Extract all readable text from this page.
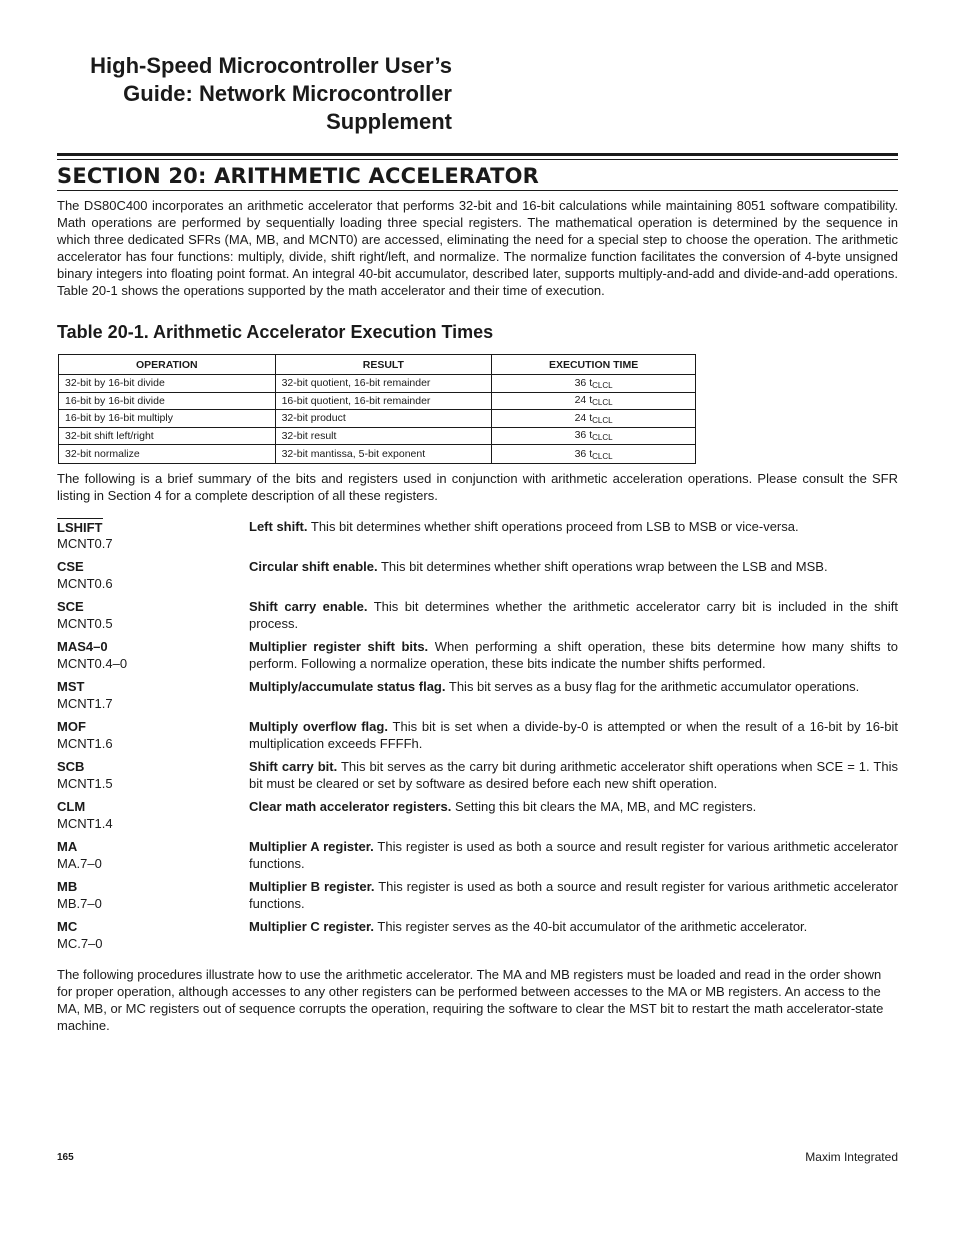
High-Speed Microcontroller User’s
Guide: Network Microcontroller
Supplement
SECTION 20: ARITHMETIC ACCELERATOR

The DS80C400 incorporates an arithmetic accelerator that performs 32-bit and 16-bit calculations while maintaining 8051 software compatibility. Math operations are performed by sequentially loading three special registers. The mathematical operation is determined by the sequence in which three dedicated SFRs (MA, MB, and MCNT0) are accessed, eliminating the need for a special step to choose the operation. The arithmetic accelerator has four functions: multiply, divide, shift right/left, and normalize. The normalize function facilitates the conversion of 4-byte unsigned binary integers into floating point format. An integral 40-bit accumulator, described later, supports multiply-and-add and divide-and-add operations. Table 20-1 shows the operations supported by the math accelerator and their time of execution.

Table 20-1. Arithmetic Accelerator Execution Times
OPERATION	RESULT	EXECUTION TIME
32-bit by 16-bit divide	32-bit quotient, 16-bit remainder	36 $t_{CLCL}$
16-bit by 16-bit divide	16-bit quotient, 16-bit remainder	24 $t_{CLCL}$
16-bit by 16-bit multiply	32-bit product	24 $t_{CLCL}$
32-bit shift left/right	32-bit result	36 $t_{CLCL}$
32-bit normalize	32-bit mantissa, 5-bit exponent	36 $t_{CLCL}$

The following is a brief summary of the bits and registers used in conjunction with arithmetic acceleration operations. Please consult the SFR listing in Section 4 for a complete description of all these registers.

LSHIFT
MCNT0.7
Left shift. This bit determines whether shift operations proceed from LSB to MSB or vice-versa.
CSE
MCNT0.6
Circular shift enable. This bit determines whether shift operations wrap between the LSB and MSB.
SCE
MCNT0.5
Shift carry enable. This bit determines whether the arithmetic accelerator carry bit is included in the shift process.
MAS4–0
MCNT0.4–0
Multiplier register shift bits. When performing a shift operation, these bits determine how many shifts to perform. Following a normalize operation, these bits indicate the number shifts performed.
MST
MCNT1.7
Multiply/accumulate status flag. This bit serves as a busy flag for the arithmetic accumulator operations.
MOF
MCNT1.6
Multiply overflow flag. This bit is set when a divide-by-0 is attempted or when the result of a 16-bit by 16-bit multiplication exceeds FFFFh.
SCB
MCNT1.5
Shift carry bit. This bit serves as the carry bit during arithmetic accelerator shift operations when SCE = 1. This bit must be cleared or set by software as desired before each new shift operation.
CLM
MCNT1.4
Clear math accelerator registers. Setting this bit clears the MA, MB, and MC registers.
MA
MA.7–0
Multiplier A register. This register is used as both a source and result register for various arithmetic accelerator functions.
MB
MB.7–0
Multiplier B register. This register is used as both a source and result register for various arithmetic accelerator functions.
MC
MC.7–0
Multiplier C register. This register serves as the 40-bit accumulator of the arithmetic accelerator.

The following procedures illustrate how to use the arithmetic accelerator. The MA and MB registers must be loaded and read in the order shown for proper operation, although accesses to any other registers can be performed between accesses to the MA or MB registers. An access to the MA, MB, or MC registers out of sequence corrupts the operation, requiring the software to clear the MST bit to restart the math accelerator-state machine.

165	Maxim Integrated
